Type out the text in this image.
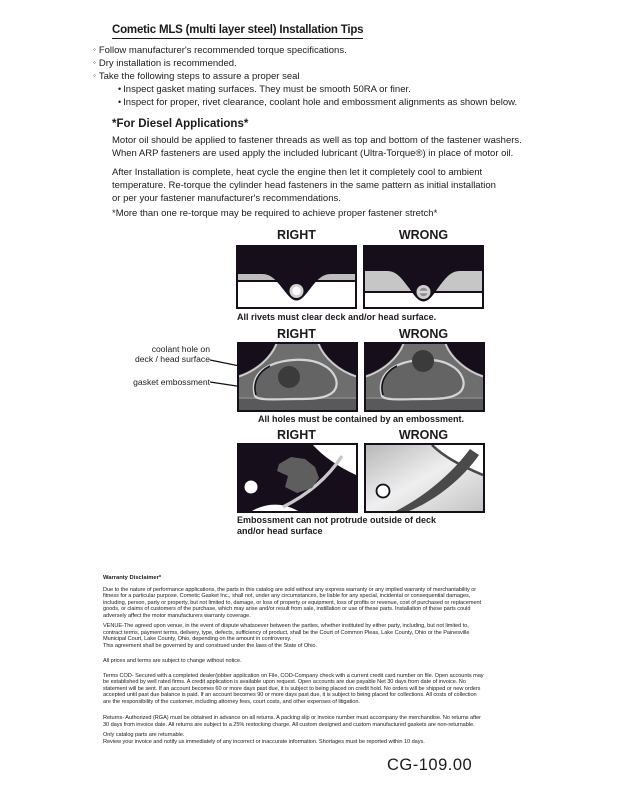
Cometic MLS (multi layer steel) Installation Tips
◦ Follow manufacturer's recommended torque specifications.
◦ Dry installation is recommended.
◦ Take the following steps to assure a proper seal
• Inspect gasket mating surfaces. They must be smooth 50RA or finer.
• Inspect for proper, rivet clearance, coolant hole and embossment alignments as shown below.
*For Diesel Applications*
Motor oil should be applied to fastener threads as well as top and bottom of the fastener washers.
When ARP fasteners are used apply the included lubricant (Ultra-Torque®) in place of motor oil.
After Installation is complete, heat cycle the engine then let it completely cool to ambient
temperature. Re-torque the cylinder head fasteners in the same pattern as initial installation
or per your fastener manufacturer's recommendations.
*More than one re-torque may be required to achieve proper fastener stretch*
RIGHT	WRONG
All rivets must clear deck and/or head surface.
RIGHT	WRONG
coolant hole on
deck / head surface
gasket embossment
All holes must be contained by an embossment.
RIGHT	WRONG
Embossment can not protrude outside of deck
and/or head surface
Warranty Disclaimer*
Due to the nature of performance applications, the parts in this catalog are sold without any express warranty or any implied warranty of merchantability or
fitness for a particular purpose. Cometic Gasket Inc., shall not, under any circumstances, be liable for any special, incidental or consequential damages,
including, person, party or property, but not limited to, damage, or loss of property or equipment, loss of profits or revenue, cost of purchased or replacement
goods, or claims of customers of the purchase, which may arise and/or result from sale, instillation or use of these parts. Installation of these parts could
adversely affect the motor manufacturers warranty coverage.
VENUE-The agreed upon venue, in the event of dispute whatsoever between the parties, whether instituted by either party, including, but not limited to,
contract terms, payment terms, delivery, type, defects, sufficiency of product, shall be the Court of Common Pleas, Lake County, Ohio or the Painesville
Municipal Court, Lake County, Ohio, depending on the amount in controversy.
This agreement shall be governed by and construed under the laws of the State of Ohio.
All prices and terms are subject to change without notice.
Terms COD- Secured with a completed dealer/jobber application on File, COD-Company check with a current credit card number on file. Open accounts may
be established by well rated firms. A credit application is available upon request. Open accounts are due payable Net 30 days from date of invoice. No
statement will be sent. If an account becomes 60 or more days past due, it is subject to being placed on credit hold. No orders will be shipped or new orders
accepted until past due balance is paid. If an account becomes 90 or more days past due, it is subject to being placed for collections. All costs of collection
are the responsibility of the customer, including attorney fees, court costs, and other expenses of litigation.
Returns- Authorized (RGA) must be obtained in advance on all returns. A packing slip or invoice number must accompany the merchandise. No returns after
30 days from invoice date. All returns are subject to a 25% restocking charge. All custom designed and custom manufactured gaskets are non-returnable.
Only catalog parts are returnable.
Review your invoice and notify us immediately of any incorrect or inaccurate information. Shortages must be reported within 10 days.
CG-109.00
